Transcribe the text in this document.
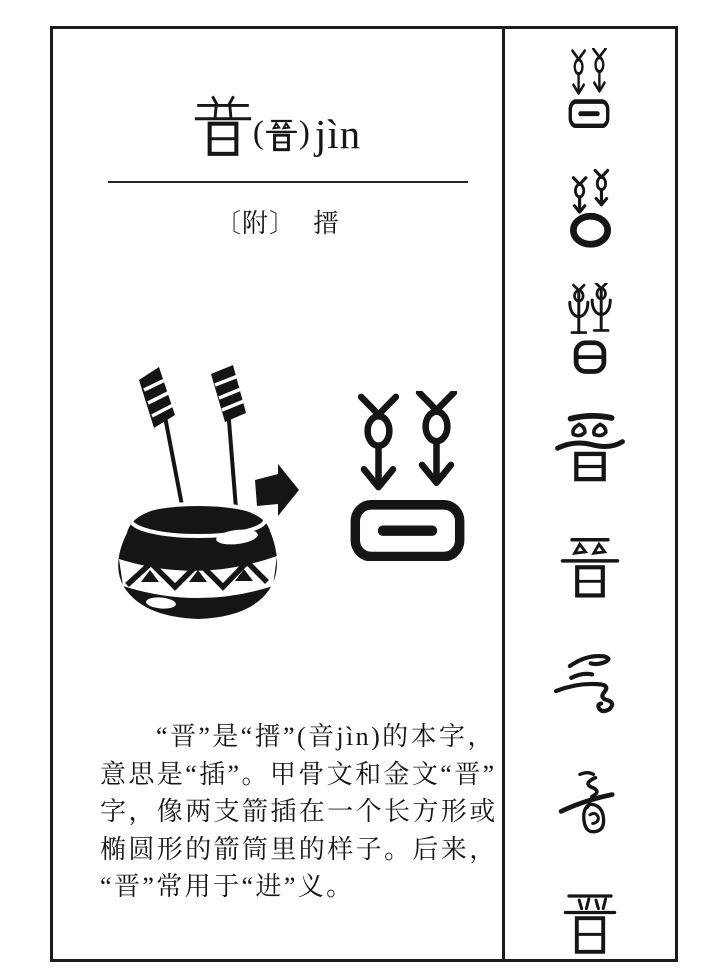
( ) jìn
〔附〕 搢
“晋”是“搢”(音jìn)的本字，
意思是“插”。甲骨文和金文“晋”
字，像两支箭插在一个长方形或
椭圆形的箭筒里的样子。后来，
“晋”常用于“进”义。
